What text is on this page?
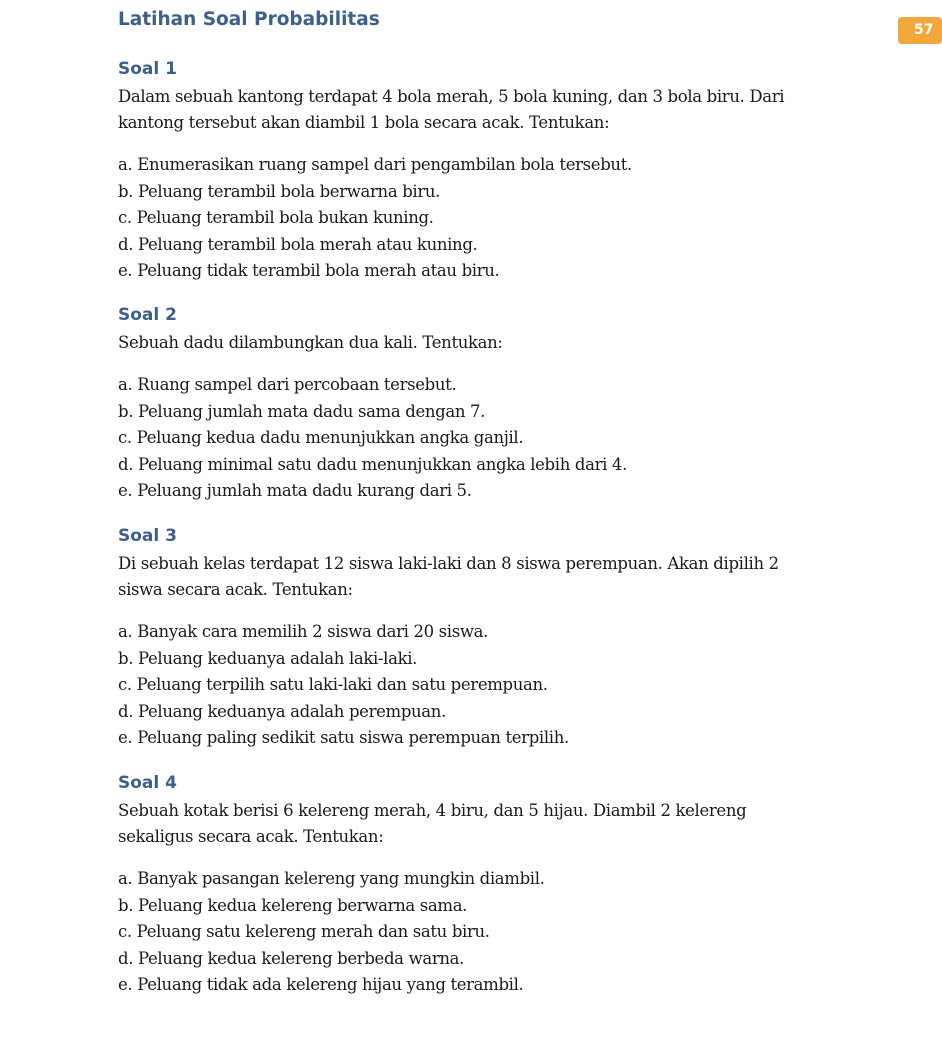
Latihan Soal Probabilitas	57
Soal 1

Dalam sebuah kantong terdapat 4 bola merah, 5 bola kuning, dan 3 bola biru. Dari kantong tersebut akan diambil 1 bola secara acak. Tentukan:

a. Enumerasikan ruang sampel dari pengambilan bola tersebut.
b. Peluang terambil bola berwarna biru.
c. Peluang terambil bola bukan kuning.
d. Peluang terambil bola merah atau kuning.
e. Peluang tidak terambil bola merah atau biru.
Soal 2

Sebuah dadu dilambungkan dua kali. Tentukan:

a. Ruang sampel dari percobaan tersebut.
b. Peluang jumlah mata dadu sama dengan 7.
c. Peluang kedua dadu menunjukkan angka ganjil.
d. Peluang minimal satu dadu menunjukkan angka lebih dari 4.
e. Peluang jumlah mata dadu kurang dari 5.
Soal 3

Di sebuah kelas terdapat 12 siswa laki-laki dan 8 siswa perempuan. Akan dipilih 2 siswa secara acak. Tentukan:

a. Banyak cara memilih 2 siswa dari 20 siswa.
b. Peluang keduanya adalah laki-laki.
c. Peluang terpilih satu laki-laki dan satu perempuan.
d. Peluang keduanya adalah perempuan.
e. Peluang paling sedikit satu siswa perempuan terpilih.
Soal 4

Sebuah kotak berisi 6 kelereng merah, 4 biru, dan 5 hijau. Diambil 2 kelereng sekaligus secara acak. Tentukan:

a. Banyak pasangan kelereng yang mungkin diambil.
b. Peluang kedua kelereng berwarna sama.
c. Peluang satu kelereng merah dan satu biru.
d. Peluang kedua kelereng berbeda warna.
e. Peluang tidak ada kelereng hijau yang terambil.
